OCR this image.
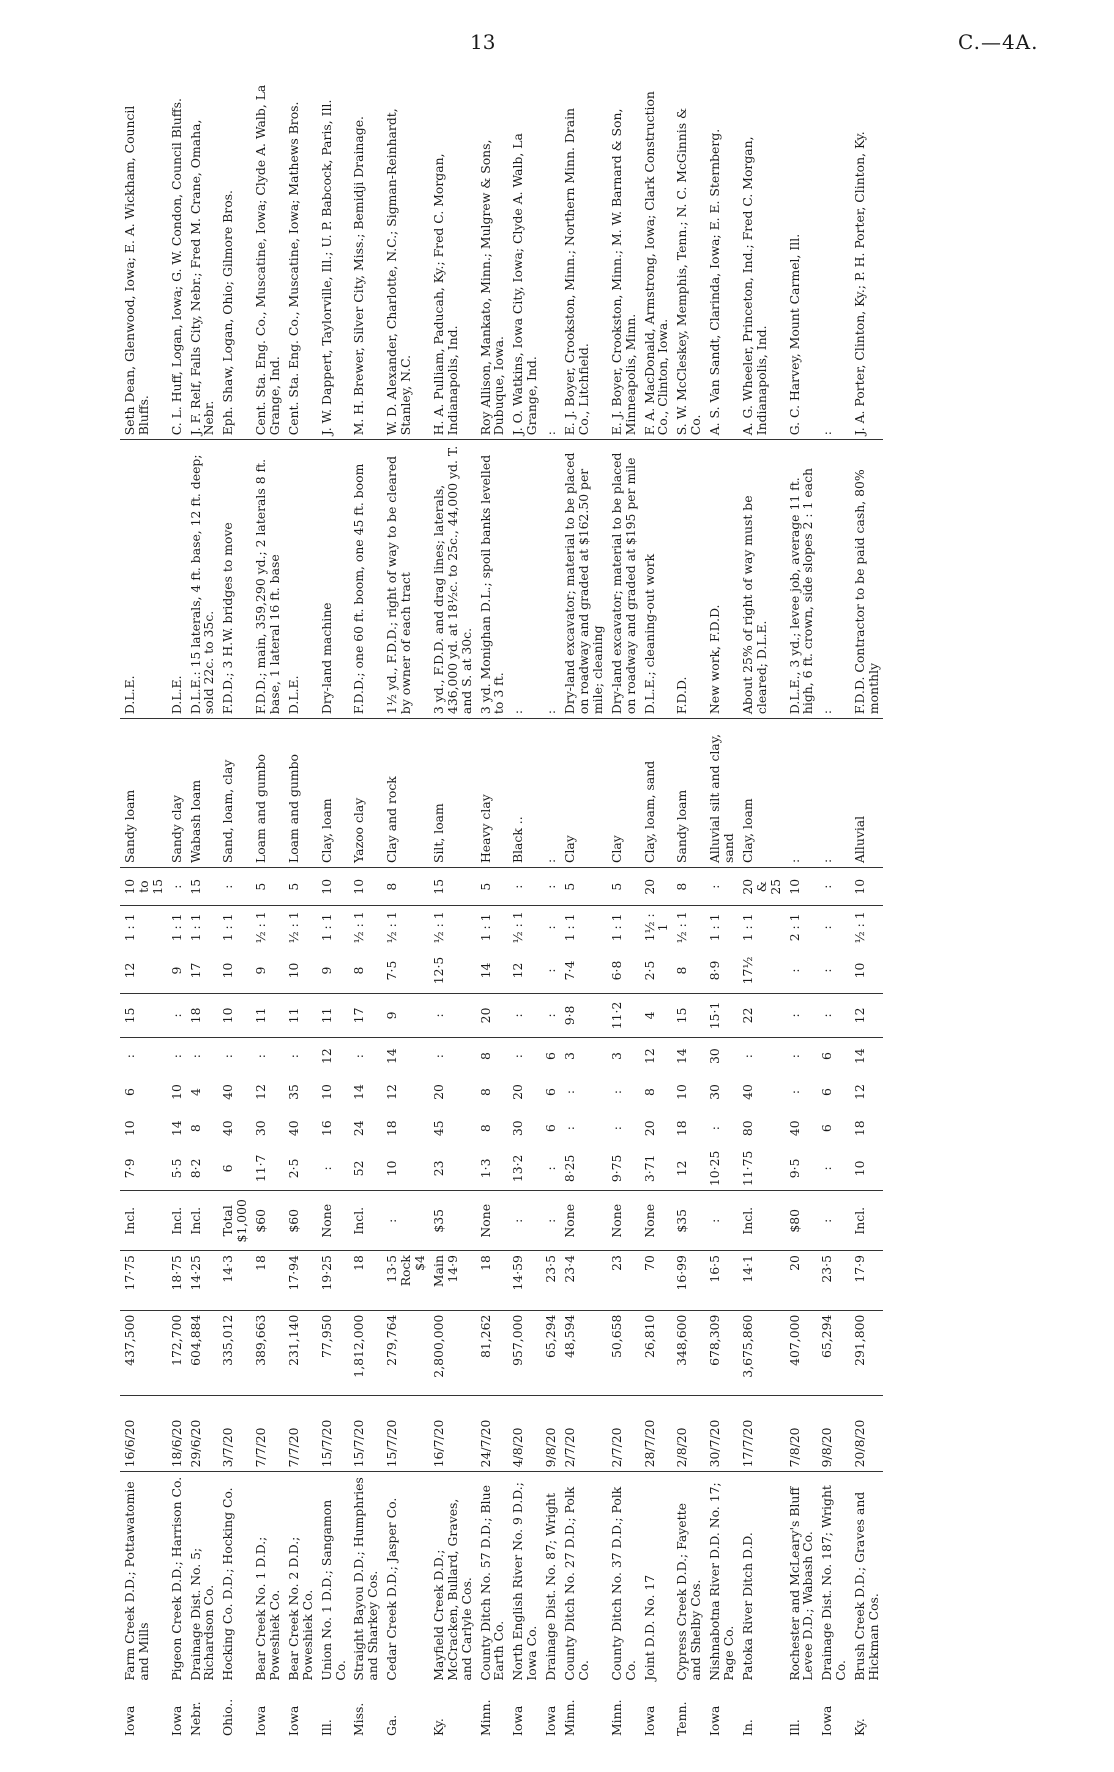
13	C.—4A.
Iowa	Farm Creek D.D.; Pottawatomie and Mills	16/6/20	437,500	17·75	Incl.	7·9	10	6	:	15	12	1 : 1	10 to 15	Sandy loam	D.L.E.	Seth Dean, Glenwood, Iowa; E. A. Wickham, Council Bluffs.
Iowa	Pigeon Creek D.D.; Harrison Co.	18/6/20	172,700	18·75	Incl.	5·5	14	10	:	:	9	1 : 1	:	Sandy clay	D.L.E.	C. L. Huff, Logan, Iowa; G. W. Condon, Council Bluffs.
Nebr.	Drainage Dist. No. 5; Richardson Co.	29/6/20	604,884	14·25	Incl.	8·2	8	4	:	18	17	1 : 1	15	Wabash loam	D.L.E.: 15 laterals, 4 ft. base, 12 ft. deep; sold 22c. to 35c.	J. F. Relf, Falls City, Nebr.; Fred M. Crane, Omaha, Nebr.
Ohio..	Hocking Co. D.D.; Hocking Co.	3/7/20	335,012	14·3	Total $1,000	6	40	40	:	10	10	1 : 1	:	Sand, loam, clay	F.D.D.; 3 H.W. bridges to move	Eph. Shaw, Logan, Ohio; Gilmore Bros.
Iowa	Bear Creek No. 1 D.D.; Poweshiek Co.	7/7/20	389,663	18	$60	11·7	30	12	:	11	9	½ : 1	5	Loam and gumbo	F.D.D.; main, 359,290 yd.; 2 laterals 8 ft. base, 1 lateral 16 ft. base	Cent. Sta. Eng. Co., Muscatine, Iowa; Clyde A. Walb, La Grange, Ind.
Iowa	Bear Creek No. 2 D.D.; Poweshiek Co.	7/7/20	231,140	17·94	$60	2·5	40	35	:	11	10	½ : 1	5	Loam and gumbo	D.L.E.	Cent. Sta. Eng. Co., Muscatine, Iowa; Mathews Bros.
Ill.	Union No. 1 D.D.; Sangamon Co.	15/7/20	77,950	19·25	None	:	16	10	12	11	9	1 : 1	10	Clay, loam	Dry-land machine	J. W. Dappert, Taylorville, Ill.; U. P. Babcock, Paris, Ill.
Miss.	Straight Bayou D.D.; Humphries and Sharkey Cos.	15/7/20	1,812,000	18	Incl.	52	24	14	:	17	8	½ : 1	10	Yazoo clay	F.D.D.; one 60 ft. boom, one 45 ft. boom	M. H. Brewer, Silver City, Miss.; Bemidji Drainage.
Ga.	Cedar Creek D.D.; Jasper Co.	15/7/20	279,764	13·5 Rock $4	:	10	18	12	14	9	7·5	½ : 1	8	Clay and rock	1½ yd., F.D.D.; right of way to be cleared by owner of each tract	W. D. Alexander, Charlotte, N.C.; Sigman-Reinhardt, Stanley, N.C.
Ky.	Mayfield Creek D.D.; McCracken, Bullard, Graves, and Carlyle Cos.	16/7/20	2,800,000	Main 14·9	$35	23	45	20	:	:	12·5	½ : 1	15	Silt, loam	3 yd., F.D.D. and drag lines; laterals, 436,000 yd. at 18½c. to 25c., 44,000 yd. T. and S. at 30c.	H. A. Pulliam, Paducah, Ky.; Fred C. Morgan, Indianapolis, Ind.
Minn.	County Ditch No. 57 D.D.; Blue Earth Co.	24/7/20	81,262	18	None	1·3	8	8	8	20	14	1 : 1	5	Heavy clay	3 yd. Monighan D.L.; spoil banks levelled to 3 ft.	Roy Allison, Mankato, Minn.; Mulgrew & Sons, Dubuque, Iowa.
Iowa	North English River No. 9 D.D.; Iowa Co.	4/8/20	957,000	14·59	:	13·2	30	20	:	:	12	½ : 1	:	Black ..	:	J. O. Watkins, Iowa City, Iowa; Clyde A. Walb, La Grange, Ind.
Iowa	Drainage Dist. No. 87; Wright	9/8/20	65,294	23·5	:	:	6	6	6	:	:	:	:	:	:	:
Minn.	County Ditch No. 27 D.D.; Polk Co.	2/7/20	48,594	23·4	None	8·25	:	:	3	9·8	7·4	1 : 1	5	Clay	Dry-land excavator; material to be placed on roadway and graded at $162.50 per mile; cleaning	E. J. Boyer, Crookston, Minn.; Northern Minn. Drain Co., Litchfield.
Minn.	County Ditch No. 37 D.D.; Polk Co.	2/7/20	50,658	23	None	9·75	:	:	3	11·2	6·8	1 : 1	5	Clay	Dry-land excavator; material to be placed on roadway and graded at $195 per mile	E. J. Boyer, Crookston, Minn.; M. W. Barnard & Son, Minneapolis, Minn.
Iowa	Joint D.D. No. 17	28/7/20	26,810	70	None	3·71	20	8	12	4	2·5	1½ : 1	20	Clay, loam, sand	D.L.E.; cleaning-out work	F. A. MacDonald, Armstrong, Iowa; Clark Construction Co., Clinton, Iowa.
Tenn.	Cypress Creek D.D.; Fayette and Shelby Cos.	2/8/20	348,600	16·99	$35	12	18	10	14	15	8	½ : 1	8	Sandy loam	F.D.D.	S. W. McCleskey, Memphis, Tenn.; N. C. McGinnis & Co.
Iowa	Nishnabotna River D.D. No. 17; Page Co.	30/7/20	678,309	16·5	:	10·25	:	30	30	15·1	8·9	1 : 1	:	Alluvial silt and clay, sand	New work, F.D.D.	A. S. Van Sandt, Clarinda, Iowa; E. E. Sternberg.
In.	Patoka River Ditch D.D.	17/7/20	3,675,860	14·1	Incl.	11·75	80	40	:	22	17½	1 : 1	20 & 25	Clay, loam	About 25% of right of way must be cleared; D.L.E.	A. G. Wheeler, Princeton, Ind.; Fred C. Morgan, Indianapolis, Ind.
Ill.	Rochester and McLeary's Bluff Levee D.D.; Wabash Co.	7/8/20	407,000	20	$80	9·5	40	:	:	:	:	2 : 1	10	:	D.L.E., 3 yd.; levee job, average 11 ft. high, 6 ft. crown, side slopes 2 : 1 each	G. C. Harvey, Mount Carmel, Ill.
Iowa	Drainage Dist. No. 187; Wright Co.	9/8/20	65,294	23·5	:	:	6	6	6	:	:	:	:	:	:	:
Ky.	Brush Creek D.D.; Graves and Hickman Cos.	20/8/20	291,800	17·9	Incl.	10	18	12	14	12	10	½ : 1	10	Alluvial	F.D.D. Contractor to be paid cash, 80% monthly	J. A. Porter, Clinton, Ky.; P. H. Porter, Clinton, Ky.
